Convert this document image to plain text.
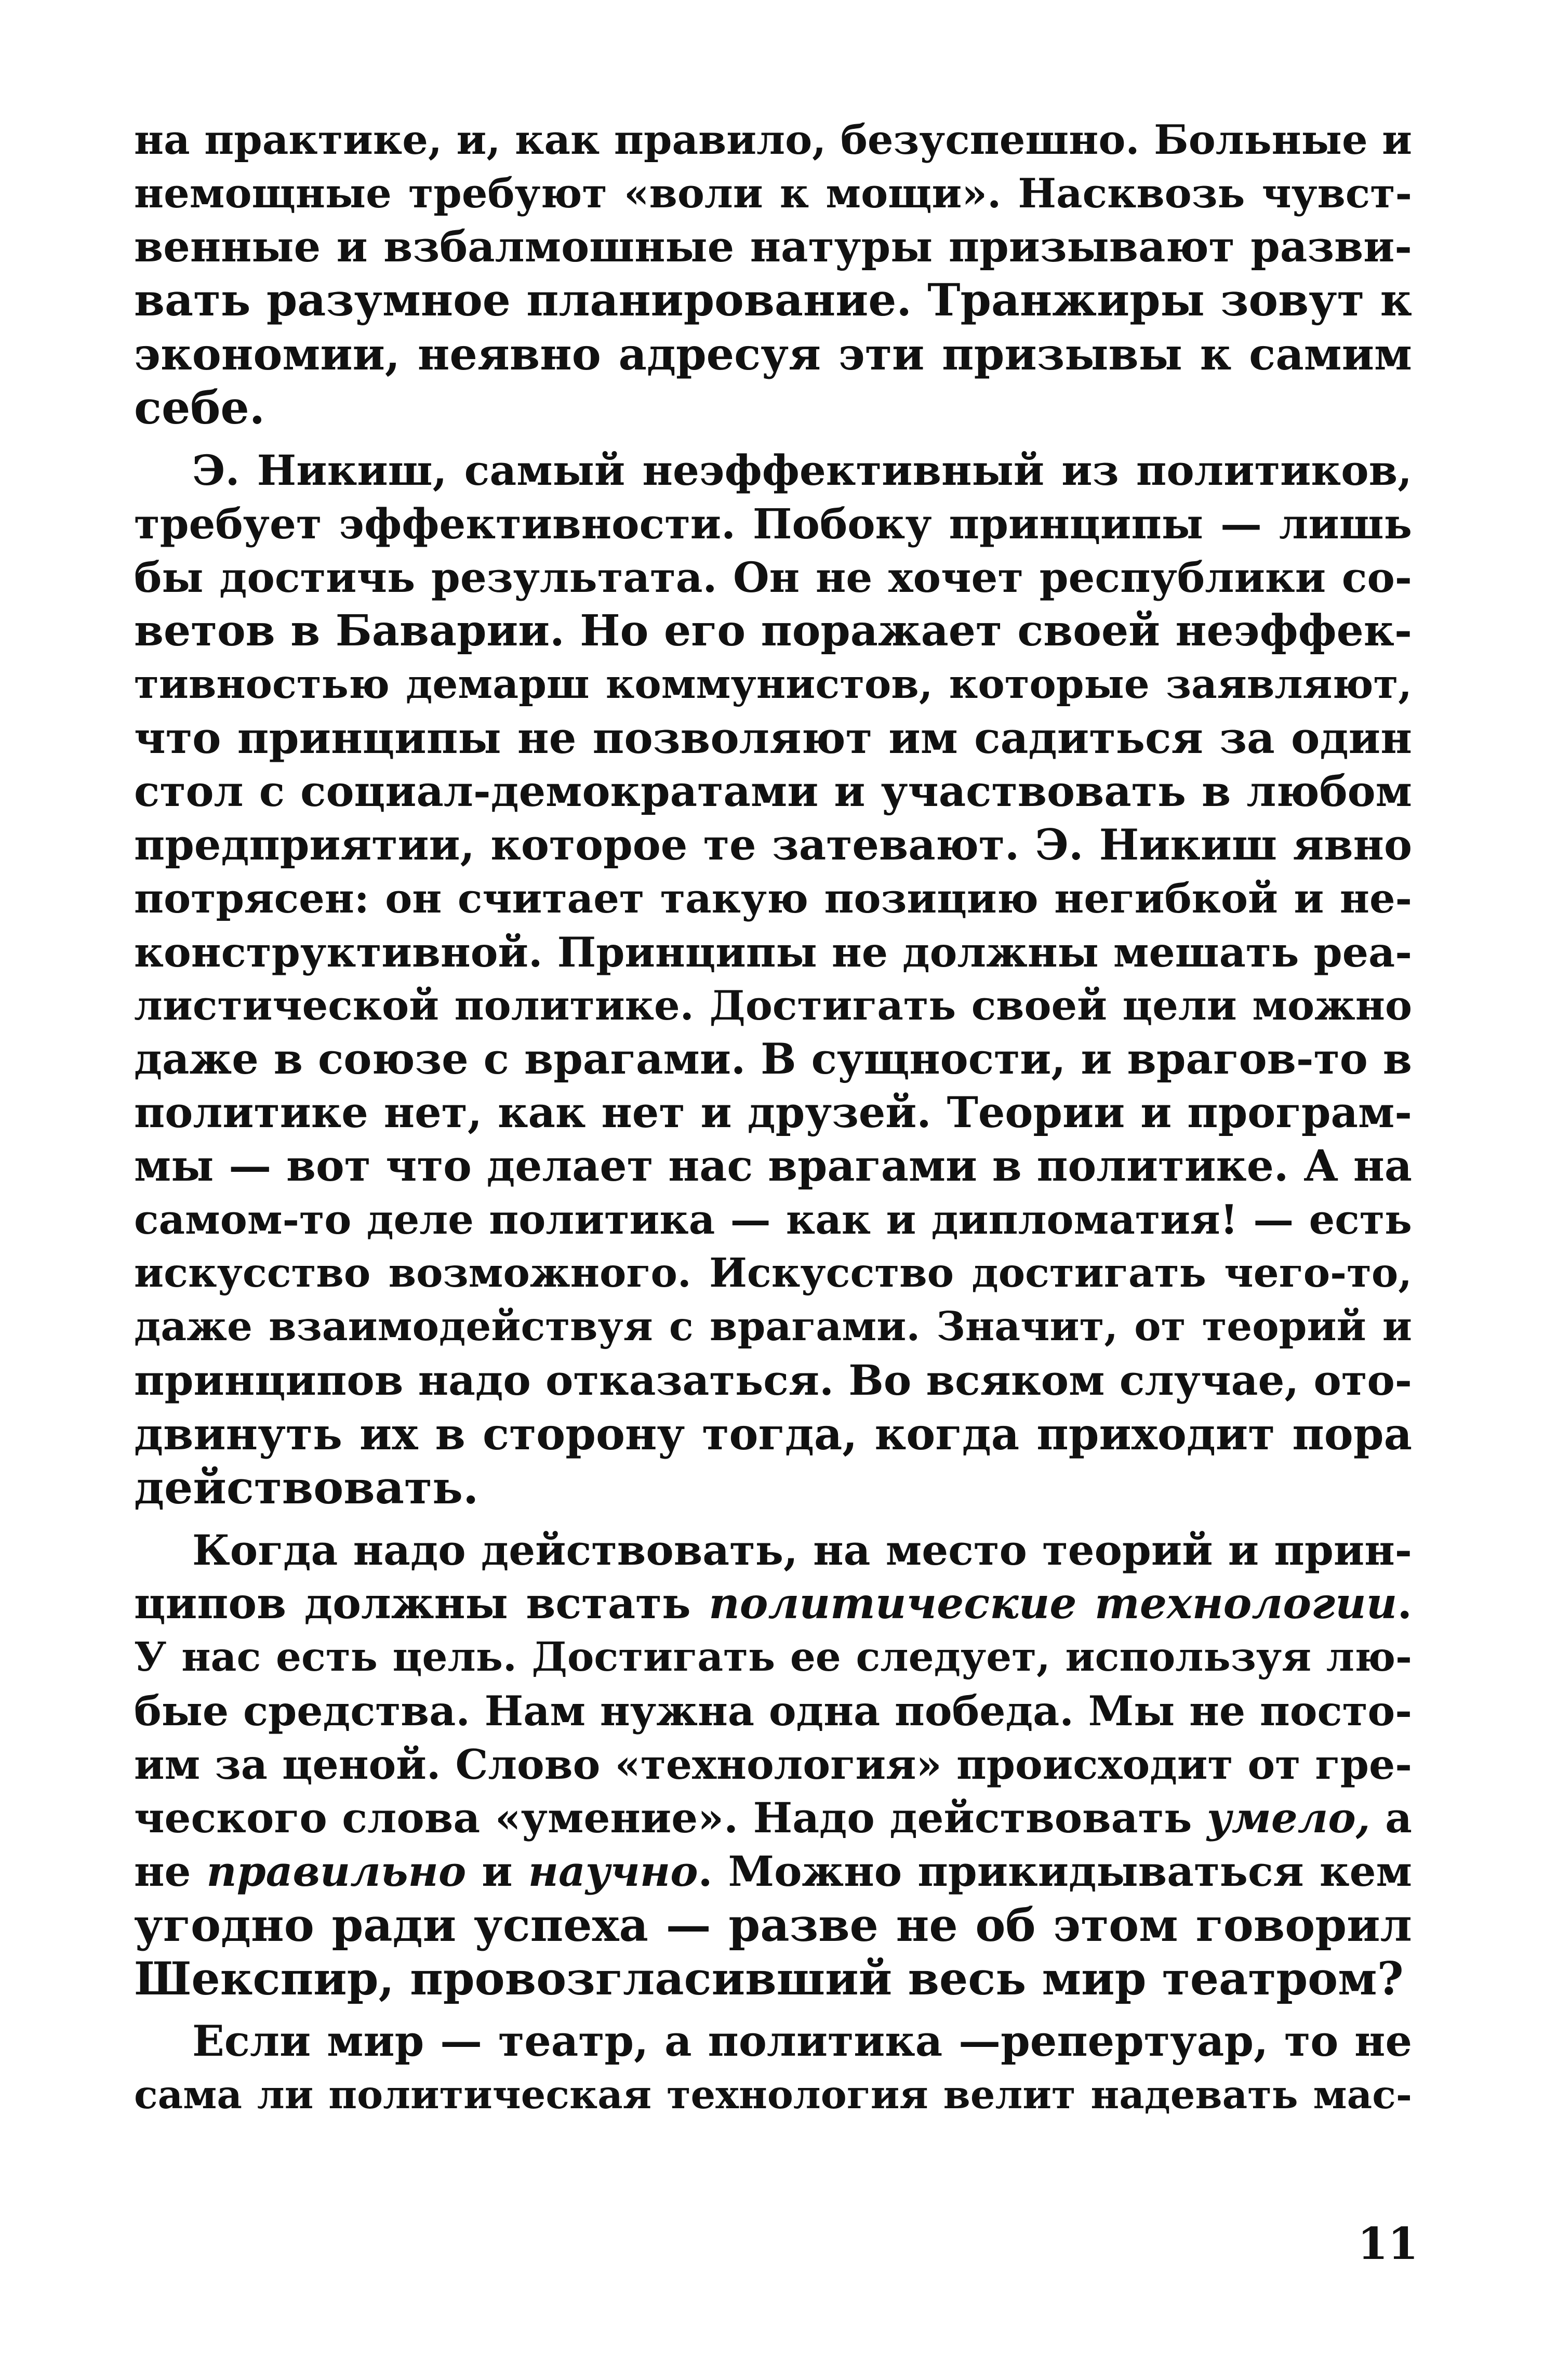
на практике, и, как правило, безуспешно. Больные и
немощные требуют «воли к мощи». Насквозь чувст-
венные и взбалмошные натуры призывают разви-
вать разумное планирование. Транжиры зовут к
экономии, неявно адресуя эти призывы к самим
себе.
Э. Никиш, самый неэффективный из политиков,
требует эффективности. Побоку принципы — лишь
бы достичь результата. Он не хочет республики со-
ветов в Баварии. Но его поражает своей неэффек-
тивностью демарш коммунистов, которые заявляют,
что принципы не позволяют им садиться за один
стол с социал-демократами и участвовать в любом
предприятии, которое те затевают. Э. Никиш явно
потрясен: он считает такую позицию негибкой и не-
конструктивной. Принципы не должны мешать реа-
листической политике. Достигать своей цели можно
даже в союзе с врагами. В сущности, и врагов-то в
политике нет, как нет и друзей. Теории и програм-
мы — вот что делает нас врагами в политике. А на
самом-то деле политика — как и дипломатия! — есть
искусство возможного. Искусство достигать чего-то,
даже взаимодействуя с врагами. Значит, от теорий и
принципов надо отказаться. Во всяком случае, ото-
двинуть их в сторону тогда, когда приходит пора
действовать.
Когда надо действовать, на место теорий и прин-
ципов должны встать политические технологии.
У нас есть цель. Достигать ее следует, используя лю-
бые средства. Нам нужна одна победа. Мы не посто-
им за ценой. Слово «технология» происходит от гре-
ческого слова «умение». Надо действовать умело, а
не правильно и научно. Можно прикидываться кем
угодно ради успеха — разве не об этом говорил
Шекспир, провозгласивший весь мир театром?
Если мир — театр, а политика —репертуар, то не
сама ли политическая технология велит надевать мас-
11
